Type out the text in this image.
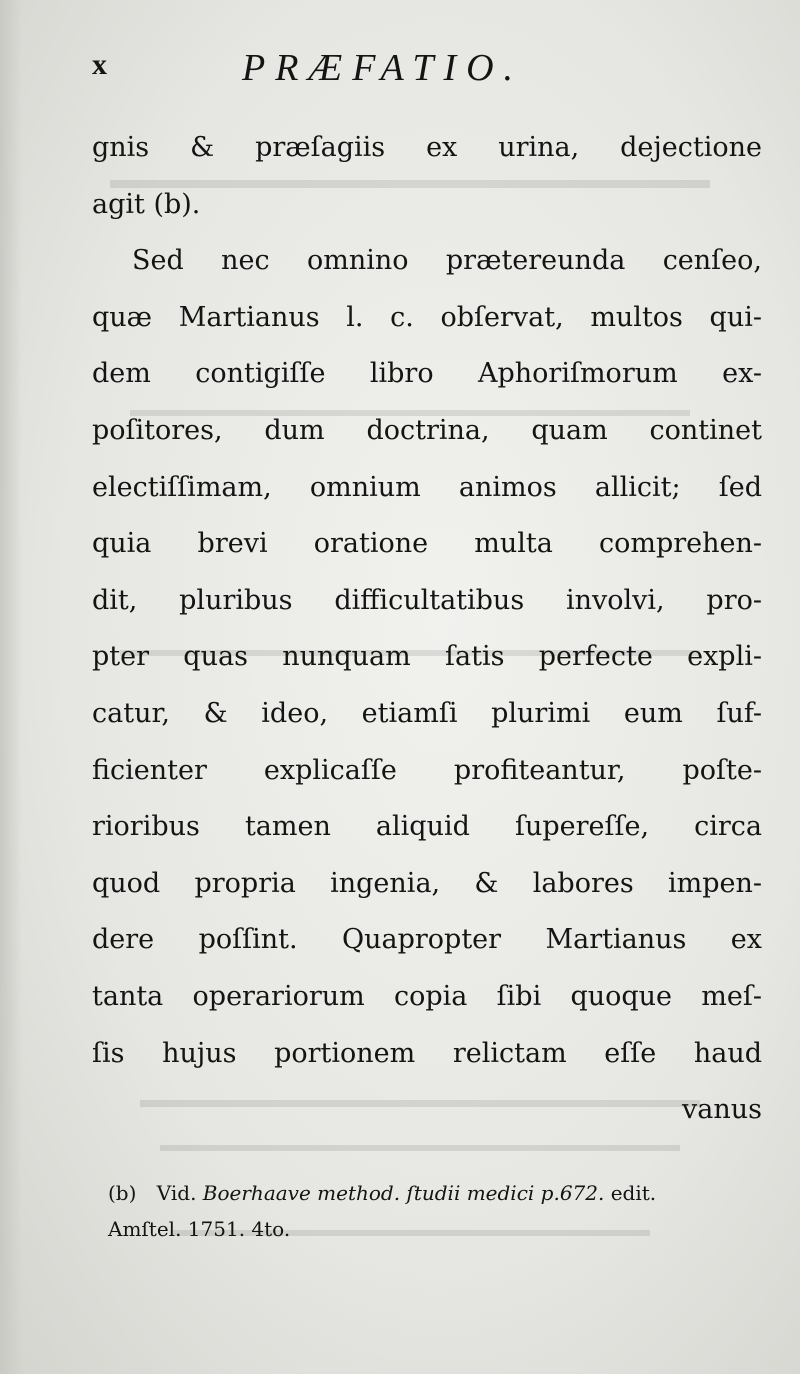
x	PRÆFATIO.
gnis & præſagiis ex urina, dejectione
agit (b).
Sed nec omnino prætereunda cenſeo,
quæ Martianus l. c. obſervat, multos qui-
dem contigiſſe libro Aphoriſmorum ex-
poſitores, dum doctrina, quam continet
electiſſimam, omnium animos allicit; ſed
quia brevi oratione multa comprehen-
dit, pluribus difficultatibus involvi, pro-
pter quas nunquam ſatis perfecte expli-
catur, & ideo, etiamſi plurimi eum ſuf-
ficienter explicaſſe profiteantur, poſte-
rioribus tamen aliquid ſupereſſe, circa
quod propria ingenia, & labores impen-
dere poſſint. Quapropter Martianus ex
tanta operariorum copia ſibi quoque meſ-
ſis hujus portionem relictam eſſe haud
vanus
(b) Vid. Boerhaave method. ſtudii medici p.672. edit.
Amſtel. 1751. 4to.
